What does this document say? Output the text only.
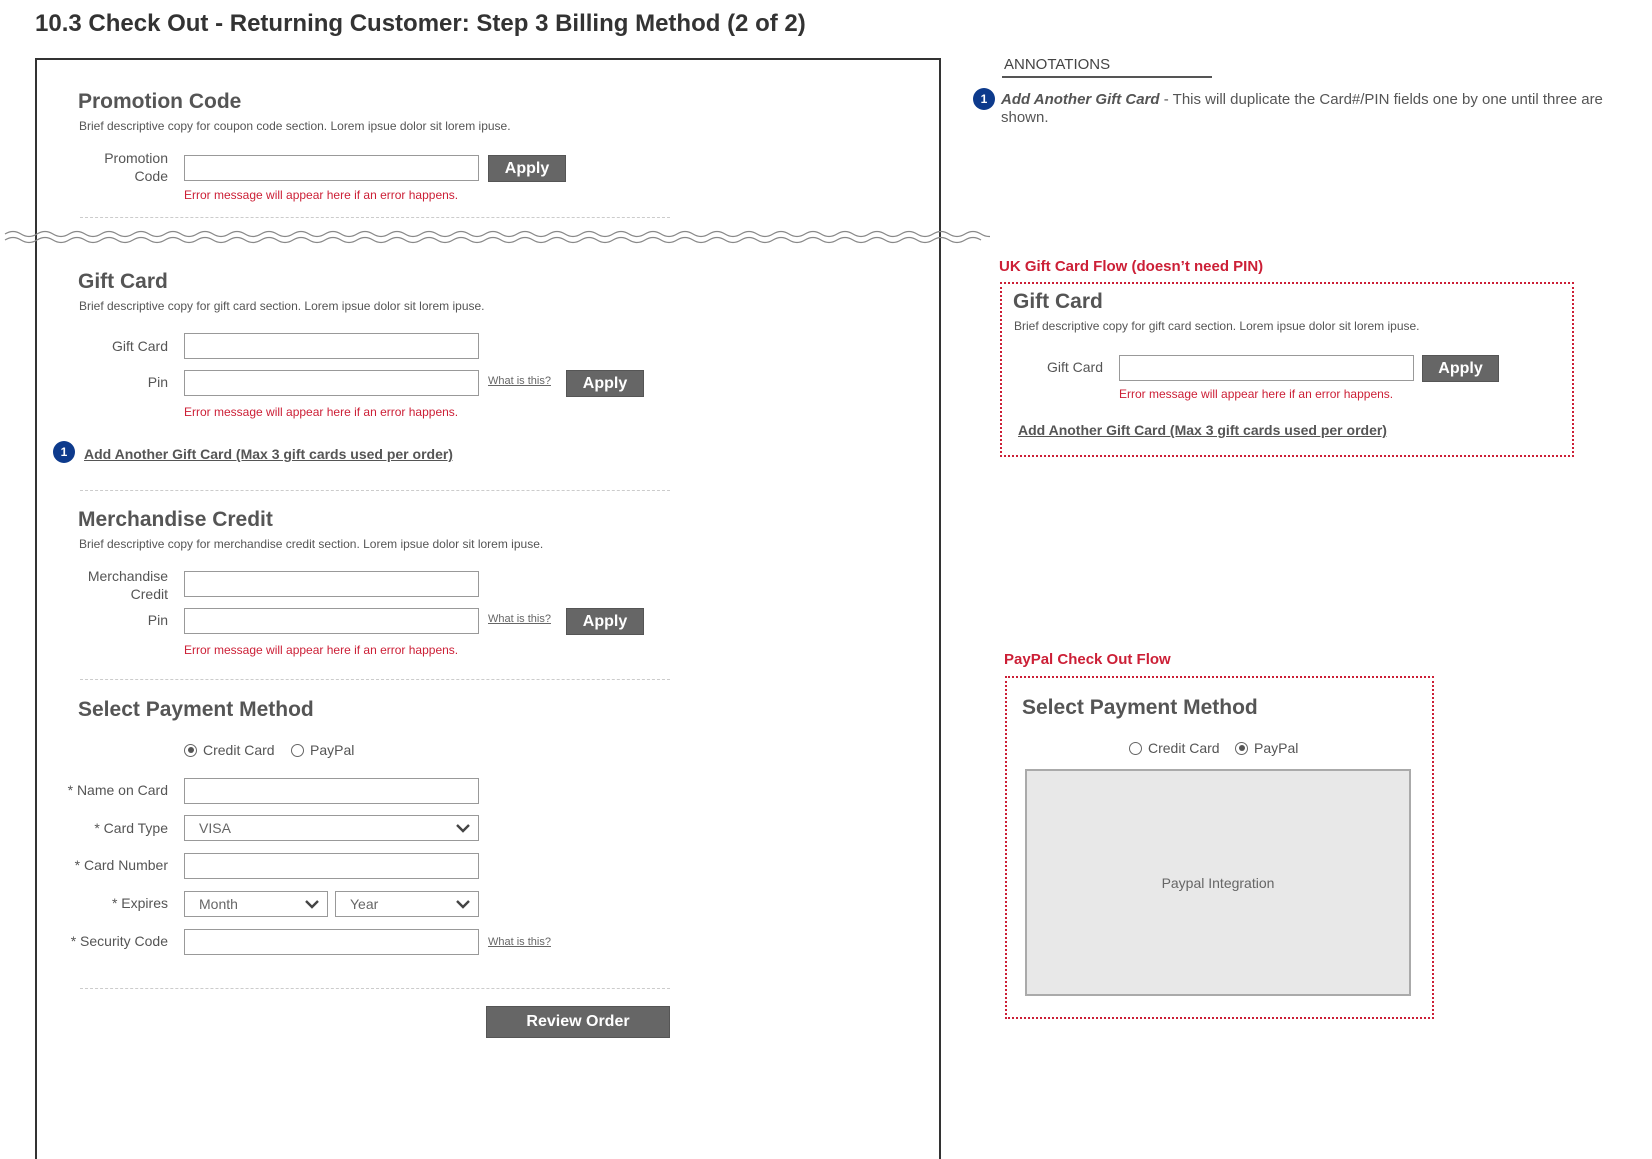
10.3 Check Out - Returning Customer: Step 3 Billing Method (2 of 2)
Promotion Code
Brief descriptive copy for coupon code section. Lorem ipsue dolor sit lorem ipuse.
Promotion
Code	Apply
Error message will appear here if an error happens.
Gift Card
Brief descriptive copy for gift card section. Lorem ipsue dolor sit lorem ipuse.
Gift Card
Pin	What is this?	Apply
Error message will appear here if an error happens.
1	Add Another Gift Card (Max 3 gift cards used per order)
Merchandise Credit
Brief descriptive copy for merchandise credit section. Lorem ipsue dolor sit lorem ipuse.
Merchandise
Credit
Pin	What is this?	Apply
Error message will appear here if an error happens.
Select Payment Method
Credit Card	PayPal
* Name on Card
* Card Type VISA
* Card Number
* Expires Month	Year
* Security Code	What is this?
Review Order
ANNOTATIONS
1 Add Another Gift Card - This will duplicate the Card#/PIN fields one by one until three are shown.
UK Gift Card Flow (doesn’t need PIN)
Gift Card
Brief descriptive copy for gift card section. Lorem ipsue dolor sit lorem ipuse.
Gift Card	Apply
Error message will appear here if an error happens.
Add Another Gift Card (Max 3 gift cards used per order)
PayPal Check Out Flow
Select Payment Method
Credit Card PayPal
Paypal Integration
